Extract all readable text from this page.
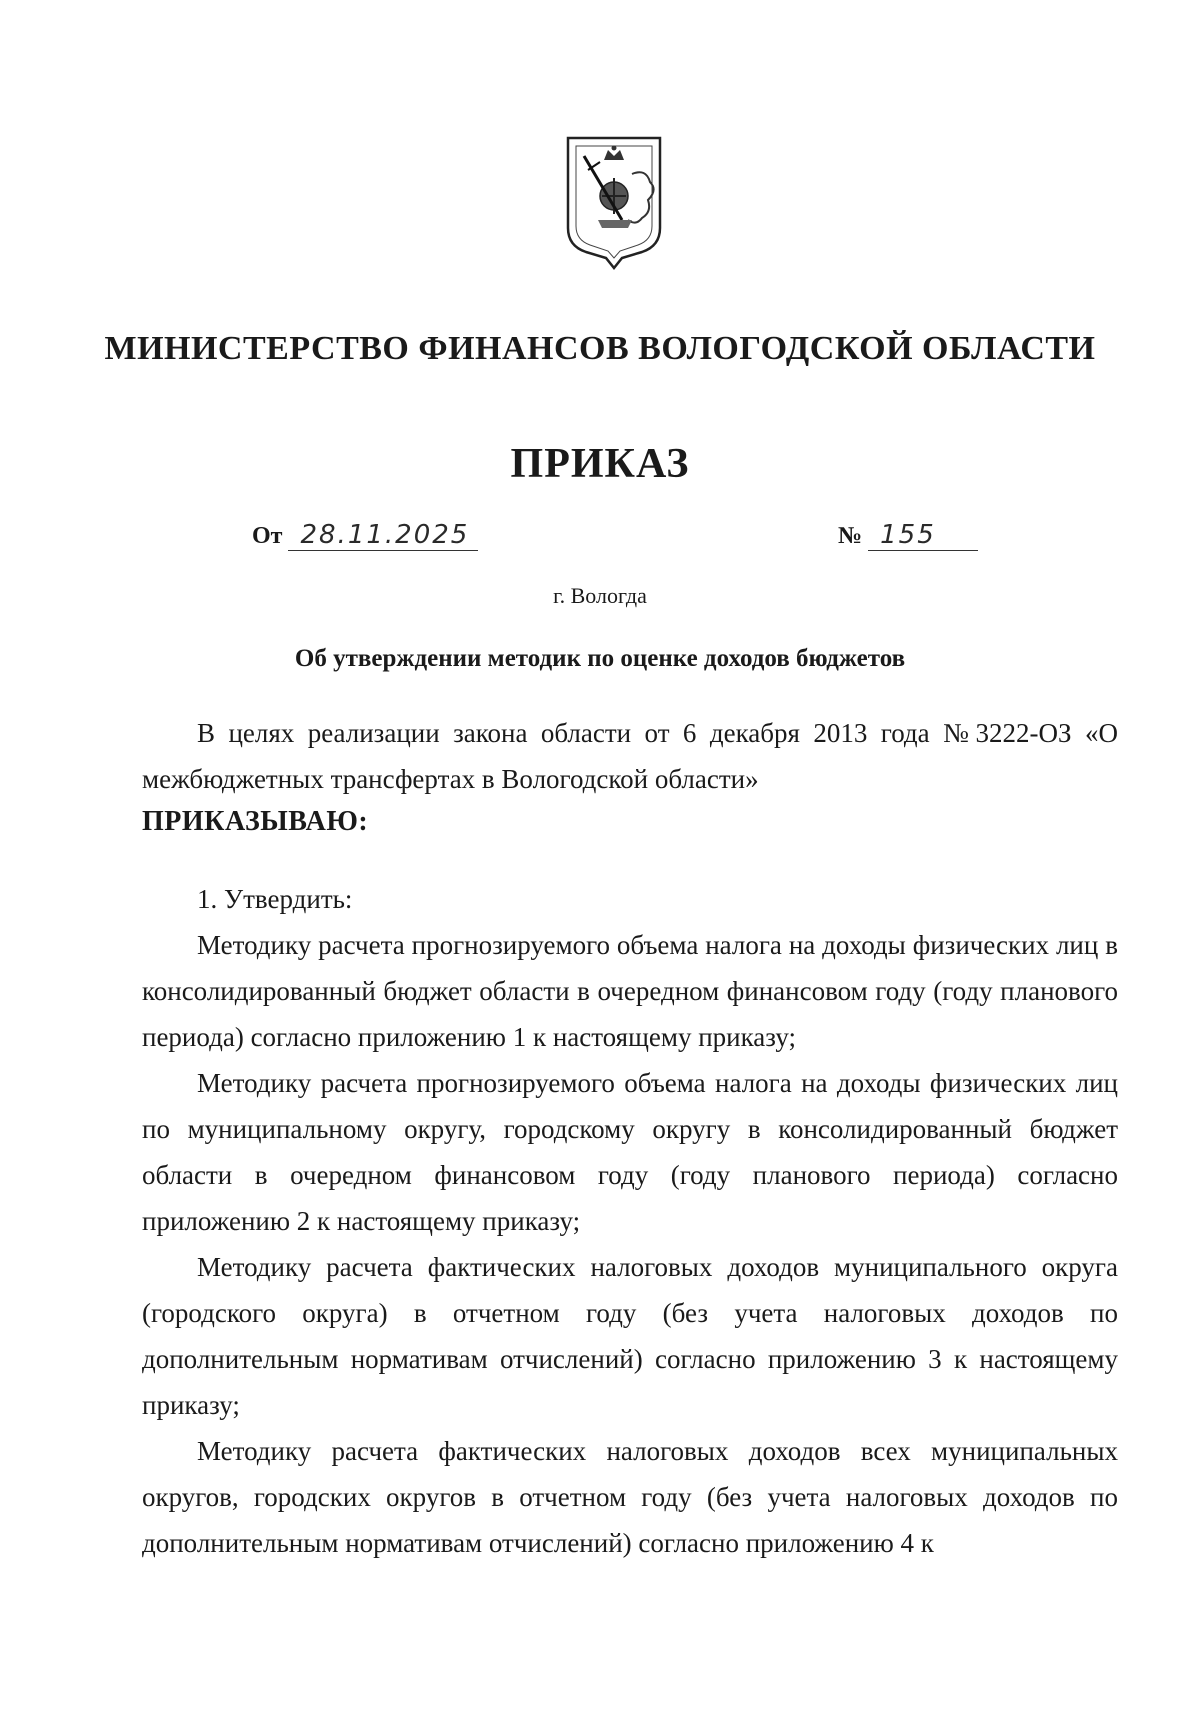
МИНИСТЕРСТВО ФИНАНСОВ ВОЛОГОДСКОЙ ОБЛАСТИ
ПРИКАЗ
От 28.11.2025	№ 155
г. Вологда
Об утверждении методик по оценке доходов бюджетов

В целях реализации закона области от 6 декабря 2013 года №3222-ОЗ «О межбюджетных трансфертах в Вологодской области»

ПРИКАЗЫВАЮ:

1. Утвердить:

Методику расчета прогнозируемого объема налога на доходы физических лиц в консолидированный бюджет области в очередном финансовом году (году планового периода) согласно приложению 1 к настоящему приказу;

Методику расчета прогнозируемого объема налога на доходы физических лиц по муниципальному округу, городскому округу в консолидированный бюджет области в очередном финансовом году (году планового периода) согласно приложению 2 к настоящему приказу;

Методику расчета фактических налоговых доходов муниципального округа (городского округа) в отчетном году (без учета налоговых доходов по дополнительным нормативам отчислений) согласно приложению 3 к настоящему приказу;

Методику расчета фактических налоговых доходов всех муниципальных округов, городских округов в отчетном году (без учета налоговых доходов по дополнительным нормативам отчислений) согласно приложению 4 к
